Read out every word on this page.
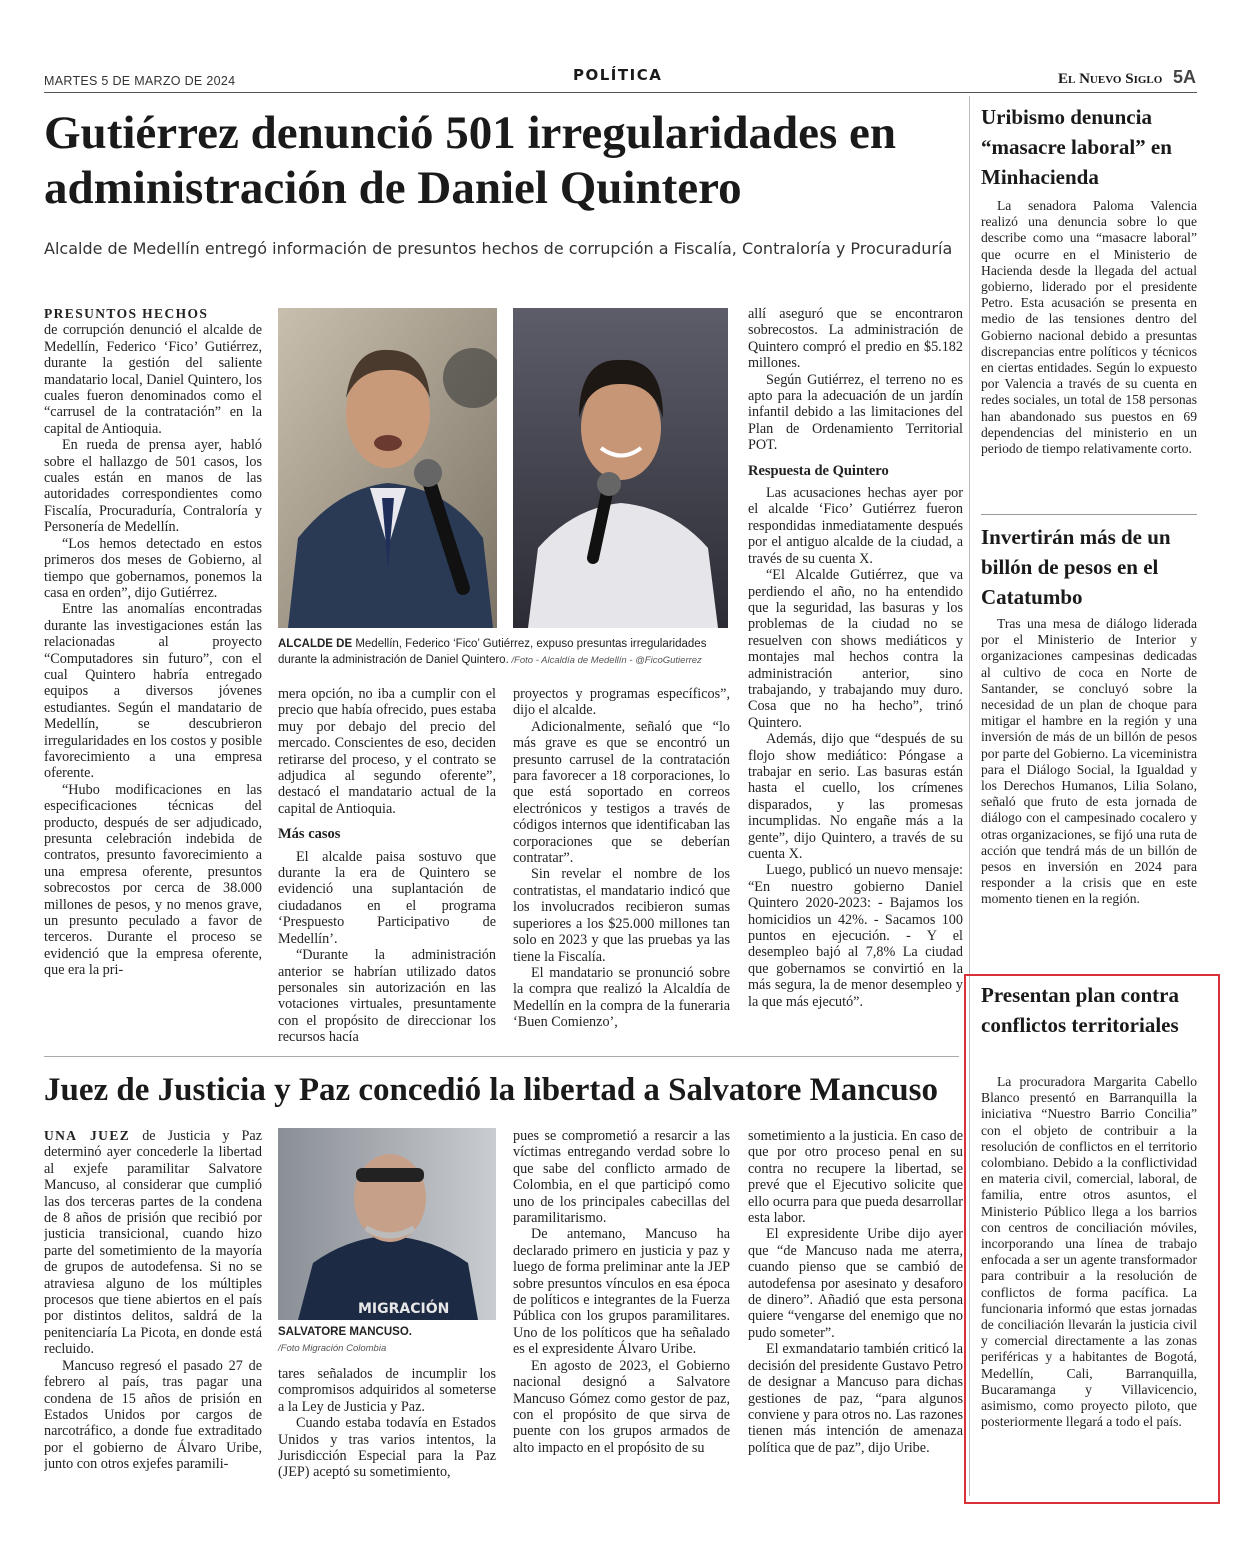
MARTES 5 DE MARZO DE 2024	POLÍTICA	El Nuevo Siglo 5A
Gutiérrez denunció 501 irregularidades en administración de Daniel Quintero
Alcalde de Medellín entregó información de presuntos hechos de corrupción a Fiscalía, Contraloría y Procuraduría

PRESUNTOS HECHOS

de corrupción denunció el alcalde de Medellín, Federico ‘Fico’ Gutiérrez, durante la gestión del saliente mandatario local, Daniel Quintero, los cuales fueron denominados como el “carrusel de la contratación” en la capital de Antioquia.

En rueda de prensa ayer, habló sobre el hallazgo de 501 casos, los cuales están en manos de las autoridades correspondientes como Fiscalía, Procuraduría, Contraloría y Personería de Medellín.

“Los hemos detectado en estos primeros dos meses de Gobierno, al tiempo que gobernamos, ponemos la casa en orden”, dijo Gutiérrez.

Entre las anomalías encontradas durante las investigaciones están las relacionadas al proyecto “Computadores sin futuro”, con el cual Quintero habría entregado equipos a diversos jóvenes estudiantes. Según el mandatario de Medellín, se descubrieron irregularidades en los costos y posible favorecimiento a una empresa oferente.

“Hubo modificaciones en las especificaciones técnicas del producto, después de ser adjudicado, presunta celebración indebida de contratos, presunto favorecimiento a una empresa oferente, presuntos sobrecostos por cerca de 38.000 millones de pesos, y no menos grave, un presunto peculado a favor de terceros. Durante el proceso se evidenció que la empresa oferente, que era la pri-

ALCALDE DE Medellín, Federico ‘Fico’ Gutiérrez, expuso presuntas irregularidades durante la administración de Daniel Quintero. /Foto - Alcaldía de Medellín - @FicoGutierrez

mera opción, no iba a cumplir con el precio que había ofrecido, pues estaba muy por debajo del precio del mercado. Conscientes de eso, deciden retirarse del proceso, y el contrato se adjudica al segundo oferente”, destacó el mandatario actual de la capital de Antioquia.

Más casos

El alcalde paisa sostuvo que durante la era de Quintero se evidenció una suplantación de ciudadanos en el programa ‘Prespuesto Participativo de Medellín’.

“Durante la administración anterior se habrían utilizado datos personales sin autorización en las votaciones virtuales, presuntamente con el propósito de direccionar los recursos hacía

proyectos y programas específicos”, dijo el alcalde.

Adicionalmente, señaló que “lo más grave es que se encontró un presunto carrusel de la contratación para favorecer a 18 corporaciones, lo que está soportado en correos electrónicos y testigos a través de códigos internos que identificaban las corporaciones que se deberían contratar”.

Sin revelar el nombre de los contratistas, el mandatario indicó que los involucrados recibieron sumas superiores a los $25.000 millones tan solo en 2023 y que las pruebas ya las tiene la Fiscalía.

El mandatario se pronunció sobre la compra que realizó la Alcaldía de Medellín en la compra de la funeraria ‘Buen Comienzo’,

allí aseguró que se encontraron sobrecostos. La administración de Quintero compró el predio en $5.182 millones.

Según Gutiérrez, el terreno no es apto para la adecuación de un jardín infantil debido a las limitaciones del Plan de Ordenamiento Territorial POT.

Respuesta de Quintero

Las acusaciones hechas ayer por el alcalde ‘Fico’ Gutiérrez fueron respondidas inmediatamente después por el antiguo alcalde de la ciudad, a través de su cuenta X.

“El Alcalde Gutiérrez, que va perdiendo el año, no ha entendido que la seguridad, las basuras y los problemas de la ciudad no se resuelven con shows mediáticos y montajes mal hechos contra la administración anterior, sino trabajando, y trabajando muy duro. Cosa que no ha hecho”, trinó Quintero.

Además, dijo que “después de su flojo show mediático: Póngase a trabajar en serio. Las basuras están hasta el cuello, los crímenes disparados, y las promesas incumplidas. No engañe más a la gente”, dijo Quintero, a través de su cuenta X.

Luego, publicó un nuevo mensaje: “En nuestro gobierno Daniel Quintero 2020-2023: - Bajamos los homicidios un 42%. - Sacamos 100 puntos en ejecución. - Y el desempleo bajó al 7,8% La ciudad que gobernamos se convirtió en la más segura, la de menor desempleo y la que más ejecutó”.

Juez de Justicia y Paz concedió la libertad a Salvatore Mancuso

UNA JUEZ de Justicia y Paz determinó ayer concederle la libertad al exjefe paramilitar Salvatore Mancuso, al considerar que cumplió las dos terceras partes de la condena de 8 años de prisión que recibió por justicia transicional, cuando hizo parte del sometimiento de la mayoría de grupos de autodefensa. Si no se atraviesa alguno de los múltiples procesos que tiene abiertos en el país por distintos delitos, saldrá de la penitenciaría La Picota, en donde está recluido.

Mancuso regresó el pasado 27 de febrero al país, tras pagar una condena de 15 años de prisión en Estados Unidos por cargos de narcotráfico, a donde fue extraditado por el gobierno de Álvaro Uribe, junto con otros exjefes paramili-

MIGRACIÓN
SALVATORE MANCUSO.
/Foto Migración Colombia

tares señalados de incumplir los compromisos adquiridos al someterse a la Ley de Justicia y Paz.

Cuando estaba todavía en Estados Unidos y tras varios intentos, la Jurisdicción Especial para la Paz (JEP) aceptó su sometimiento,

pues se comprometió a resarcir a las víctimas entregando verdad sobre lo que sabe del conflicto armado de Colombia, en el que participó como uno de los principales cabecillas del paramilitarismo.

De antemano, Mancuso ha declarado primero en justicia y paz y luego de forma preliminar ante la JEP sobre presuntos vínculos en esa época de políticos e integrantes de la Fuerza Pública con los grupos paramilitares. Uno de los políticos que ha señalado es el expresidente Álvaro Uribe.

En agosto de 2023, el Gobierno nacional designó a Salvatore Mancuso Gómez como gestor de paz, con el propósito de que sirva de puente con los grupos armados de alto impacto en el propósito de su

sometimiento a la justicia. En caso de que por otro proceso penal en su contra no recupere la libertad, se prevé que el Ejecutivo solicite que ello ocurra para que pueda desarrollar esta labor.

El expresidente Uribe dijo ayer que “de Mancuso nada me aterra, cuando pienso que se cambió de autodefensa por asesinato y desaforo de dinero”. Añadió que esta persona quiere “vengarse del enemigo que no pudo someter”.

El exmandatario también criticó la decisión del presidente Gustavo Petro de designar a Mancuso para dichas gestiones de paz, “para algunos conviene y para otros no. Las razones tienen más intención de amenaza política que de paz”, dijo Uribe.

Uribismo denuncia “masacre laboral” en Minhacienda
La senadora Paloma Valencia realizó una denuncia sobre lo que describe como una “masacre laboral” que ocurre en el Ministerio de Hacienda desde la llegada del actual gobierno, liderado por el presidente Petro. Esta acusación se presenta en medio de las tensiones dentro del Gobierno nacional debido a presuntas discrepancias entre políticos y técnicos en ciertas entidades. Según lo expuesto por Valencia a través de su cuenta en redes sociales, un total de 158 personas han abandonado sus puestos en 69 dependencias del ministerio en un periodo de tiempo relativamente corto.
Invertirán más de un billón de pesos en el Catatumbo
Tras una mesa de diálogo liderada por el Ministerio de Interior y organizaciones campesinas dedicadas al cultivo de coca en Norte de Santander, se concluyó sobre la necesidad de un plan de choque para mitigar el hambre en la región y una inversión de más de un billón de pesos por parte del Gobierno. La viceministra para el Diálogo Social, la Igualdad y los Derechos Humanos, Lilia Solano, señaló que fruto de esta jornada de diálogo con el campesinado cocalero y otras organizaciones, se fijó una ruta de acción que tendrá más de un billón de pesos en inversión en 2024 para responder a la crisis que en este momento tienen en la región.
Presentan plan contra conflictos territoriales
La procuradora Margarita Cabello Blanco presentó en Barranquilla la iniciativa “Nuestro Barrio Concilia” con el objeto de contribuir a la resolución de conflictos en el territorio colombiano. Debido a la conflictividad en materia civil, comercial, laboral, de familia, entre otros asuntos, el Ministerio Público llega a los barrios con centros de conciliación móviles, incorporando una línea de trabajo enfocada a ser un agente transformador para contribuir a la resolución de conflictos de forma pacífica. La funcionaria informó que estas jornadas de conciliación llevarán la justicia civil y comercial directamente a las zonas periféricas y a habitantes de Bogotá, Medellín, Cali, Barranquilla, Bucaramanga y Villavicencio, asimismo, como proyecto piloto, que posteriormente llegará a todo el país.
